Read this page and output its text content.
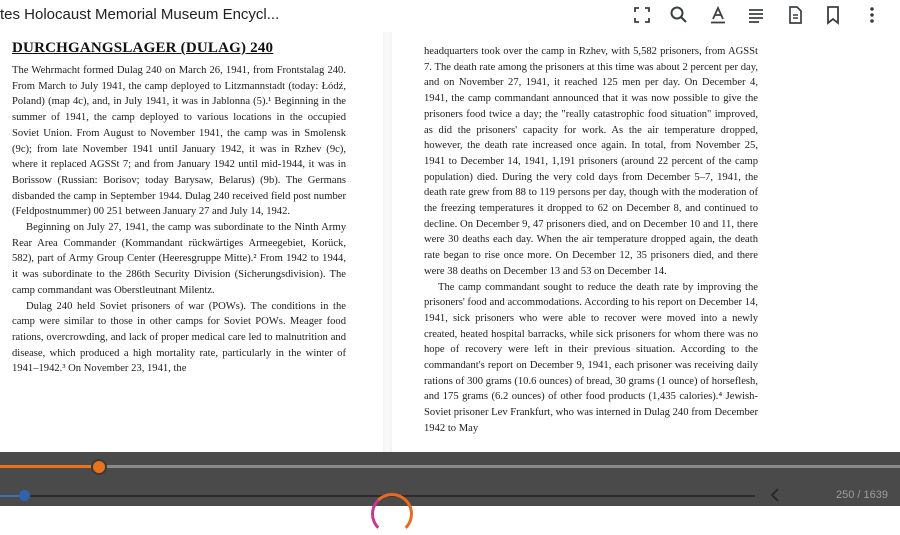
tes Holocaust Memorial Museum Encycl...
DURCHGANGSLAGER (DULAG) 240

The Wehrmacht formed Dulag 240 on March 26, 1941, from Frontstalag 240. From March to July 1941, the camp deployed to Litzmannstadt (today: Łódź, Poland) (map 4c), and, in July 1941, it was in Jablonna (5).¹ Beginning in the summer of 1941, the camp deployed to various locations in the occupied Soviet Union. From August to November 1941, the camp was in Smolensk (9c); from late November 1941 until January 1942, it was in Rzhev (9c), where it replaced AGSSt 7; and from January 1942 until mid-1944, it was in Borissow (Russian: Borisov; today Barysaw, Belarus) (9b). The Germans disbanded the camp in September 1944. Dulag 240 received field post number (Feldpostnummer) 00 251 between January 27 and July 14, 1942.

Beginning on July 27, 1941, the camp was subordinate to the Ninth Army Rear Area Commander (Kommandant rückwärtiges Armeegebiet, Korück, 582), part of Army Group Center (Heeresgruppe Mitte).² From 1942 to 1944, it was subordinate to the 286th Security Division (Sicherungsdivision). The camp commandant was Oberstleutnant Milentz.

Dulag 240 held Soviet prisoners of war (POWs). The conditions in the camp were similar to those in other camps for Soviet POWs. Meager food rations, overcrowding, and lack of proper medical care led to malnutrition and disease, which produced a high mortality rate, particularly in the winter of 1941–1942.³ On November 23, 1941, the

headquarters took over the camp in Rzhev, with 5,582 prisoners, from AGSSt 7. The death rate among the prisoners at this time was about 2 percent per day, and on November 27, 1941, it reached 125 men per day. On December 4, 1941, the camp commandant announced that it was now possible to give the prisoners food twice a day; the "really catastrophic food situation" improved, as did the prisoners' capacity for work. As the air temperature dropped, however, the death rate increased once again. In total, from November 25, 1941 to December 14, 1941, 1,191 prisoners (around 22 percent of the camp population) died. During the very cold days from December 5–7, 1941, the death rate grew from 88 to 119 persons per day, though with the moderation of the freezing temperatures it dropped to 62 on December 8, and continued to decline. On December 9, 47 prisoners died, and on December 10 and 11, there were 30 deaths each day. When the air temperature dropped again, the death rate began to rise once more. On December 12, 35 prisoners died, and there were 38 deaths on December 13 and 53 on December 14.

The camp commandant sought to reduce the death rate by improving the prisoners' food and accommodations. According to his report on December 14, 1941, sick prisoners who were able to recover were moved into a newly created, heated hospital barracks, while sick prisoners for whom there was no hope of recovery were left in their previous situation. According to the commandant's report on December 9, 1941, each prisoner was receiving daily rations of 300 grams (10.6 ounces) of bread, 30 grams (1 ounce) of horseflesh, and 175 grams (6.2 ounces) of other food products (1,435 calories).⁴ Jewish-Soviet prisoner Lev Frankfurt, who was interned in Dulag 240 from December 1942 to May

250 / 1639
